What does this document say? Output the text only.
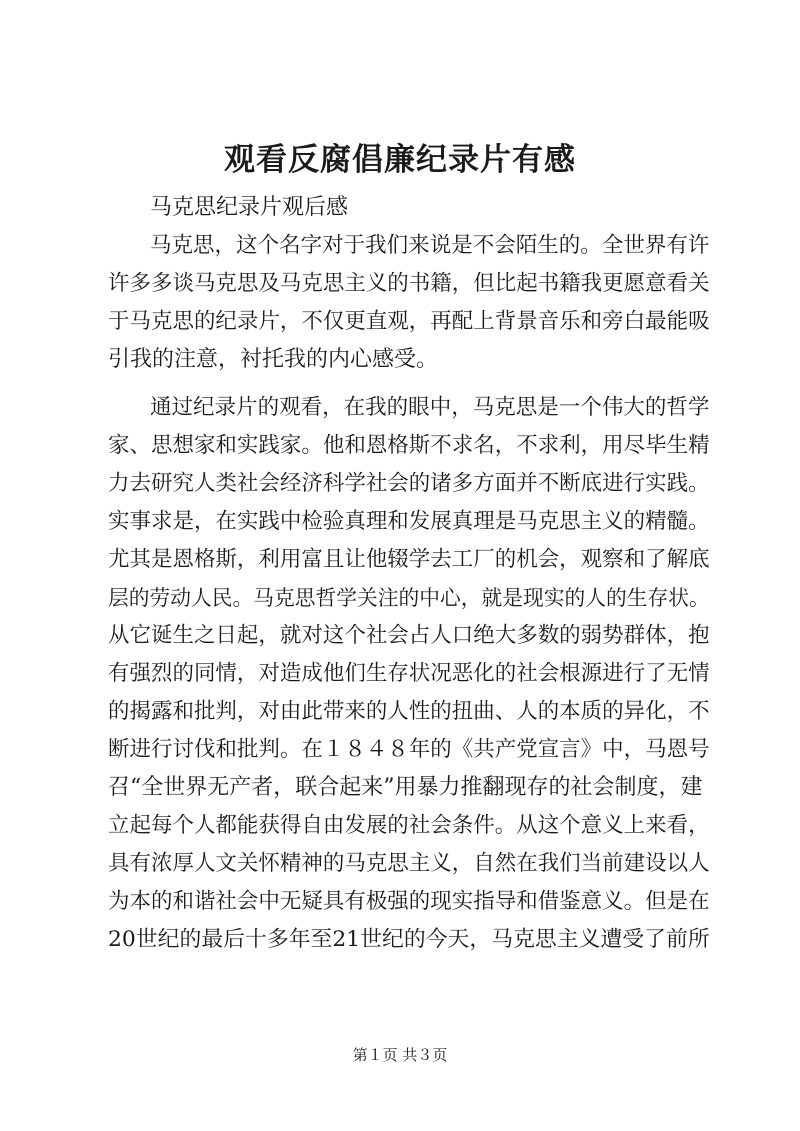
观看反腐倡廉纪录片有感
马克思纪录片观后感
马克思，这个名字对于我们来说是不会陌生的。全世界有许
许多多谈马克思及马克思主义的书籍，但比起书籍我更愿意看关
于马克思的纪录片，不仅更直观，再配上背景音乐和旁白最能吸
引我的注意，衬托我的内心感受。
通过纪录片的观看，在我的眼中，马克思是一个伟大的哲学
家、思想家和实践家。他和恩格斯不求名，不求利，用尽毕生精
力去研究人类社会经济科学社会的诸多方面并不断底进行实践。
实事求是，在实践中检验真理和发展真理是马克思主义的精髓。
尤其是恩格斯，利用富且让他辍学去工厂的机会，观察和了解底
层的劳动人民。马克思哲学关注的中心，就是现实的人的生存状。
从它诞生之日起，就对这个社会占人口绝大多数的弱势群体，抱
有强烈的同情，对造成他们生存状况恶化的社会根源进行了无情
的揭露和批判，对由此带来的人性的扭曲、人的本质的异化，不
断进行讨伐和批判。在１８４８年的《共产党宣言》中，马恩号
召“全世界无产者，联合起来”用暴力推翻现存的社会制度，建
立起每个人都能获得自由发展的社会条件。从这个意义上来看，
具有浓厚人文关怀精神的马克思主义，自然在我们当前建设以人
为本的和谐社会中无疑具有极强的现实指导和借鉴意义。但是在
20世纪的最后十多年至21世纪的今天，马克思主义遭受了前所
第１页 共３页
